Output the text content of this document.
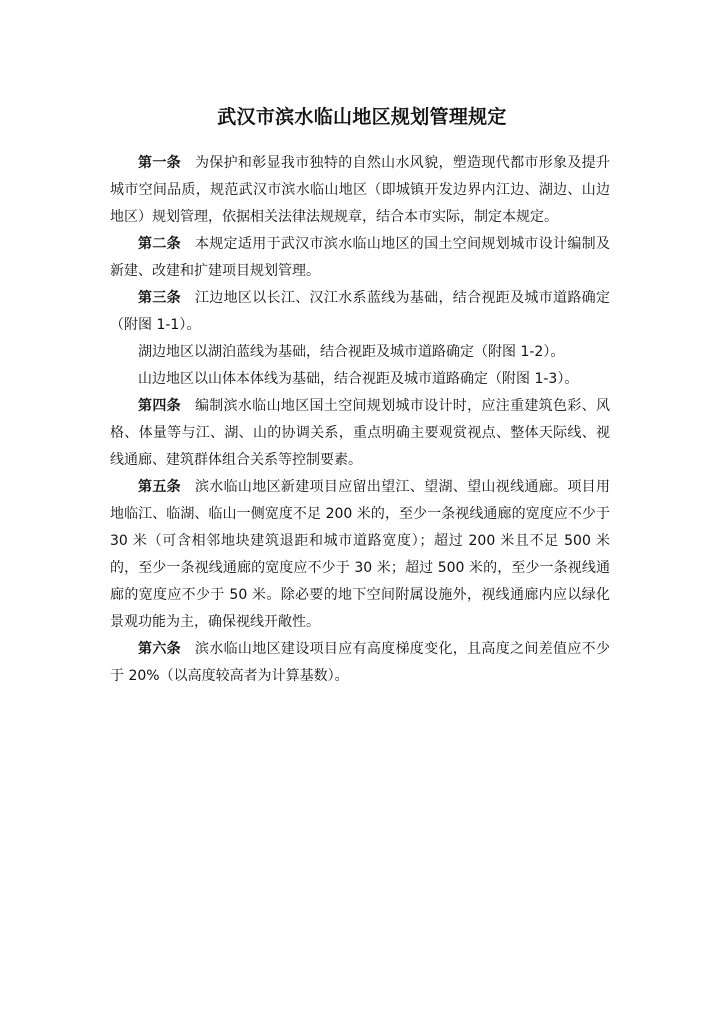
武汉市滨水临山地区规划管理规定

第一条 为保护和彰显我市独特的自然山水风貌，塑造现代都市形象及提升城市空间品质，规范武汉市滨水临山地区（即城镇开发边界内江边、湖边、山边地区）规划管理，依据相关法律法规规章，结合本市实际，制定本规定。

第二条 本规定适用于武汉市滨水临山地区的国土空间规划城市设计编制及新建、改建和扩建项目规划管理。

第三条 江边地区以长江、汉江水系蓝线为基础，结合视距及城市道路确定（附图 1-1）。

湖边地区以湖泊蓝线为基础，结合视距及城市道路确定（附图 1-2）。

山边地区以山体本体线为基础，结合视距及城市道路确定（附图 1-3）。

第四条 编制滨水临山地区国土空间规划城市设计时，应注重建筑色彩、风格、体量等与江、湖、山的协调关系，重点明确主要观赏视点、整体天际线、视线通廊、建筑群体组合关系等控制要素。

第五条 滨水临山地区新建项目应留出望江、望湖、望山视线通廊。项目用地临江、临湖、临山一侧宽度不足 200 米的，至少一条视线通廊的宽度应不少于 30 米（可含相邻地块建筑退距和城市道路宽度）；超过 200 米且不足 500 米的，至少一条视线通廊的宽度应不少于 30 米；超过 500 米的，至少一条视线通廊的宽度应不少于 50 米。除必要的地下空间附属设施外，视线通廊内应以绿化景观功能为主，确保视线开敞性。

第六条 滨水临山地区建设项目应有高度梯度变化，且高度之间差值应不少于 20%（以高度较高者为计算基数）。
